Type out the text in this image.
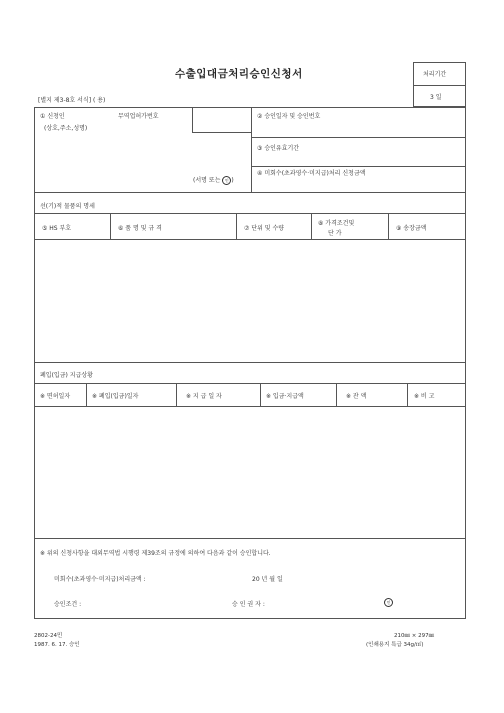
수출입대금처리승인신청서	처리기간
3 일
[별지 제3-8호 서식] ( 용)
① 신청인	무역업허가번호
(상호,주소,성명)
(서명 또는 인 )
② 승인일자 및 승인번호
③ 승인유효기간
④ 미회수(초과영수·미지급)처리 신청금액
선(기)적 물품의 명세
⑤ HS 부호	⑥ 품 명 및 규 격	⑦ 단위 및 수량
⑧ 가격조건및
단 가
⑨ 송장금액
폐입(입금) 지급상황
※ 면허일자	※ 폐입(입금)일자	※ 지 급 일 자	※ 입금·지급액	※ 잔 액	※ 비 고
※ 위의 신청사항을 대외무역법 시행령 제39조의 규정에 의하여 다음과 같이 승인합니다.
미회수(초과영수·미지급)처리금액 :	20 년 월 일
승인조건 :	승 인 권 자 :	인
2802-24민
1987. 6. 17. 승인
210㎜ × 297㎜
(인쇄용지 특급 34g/㎡)
